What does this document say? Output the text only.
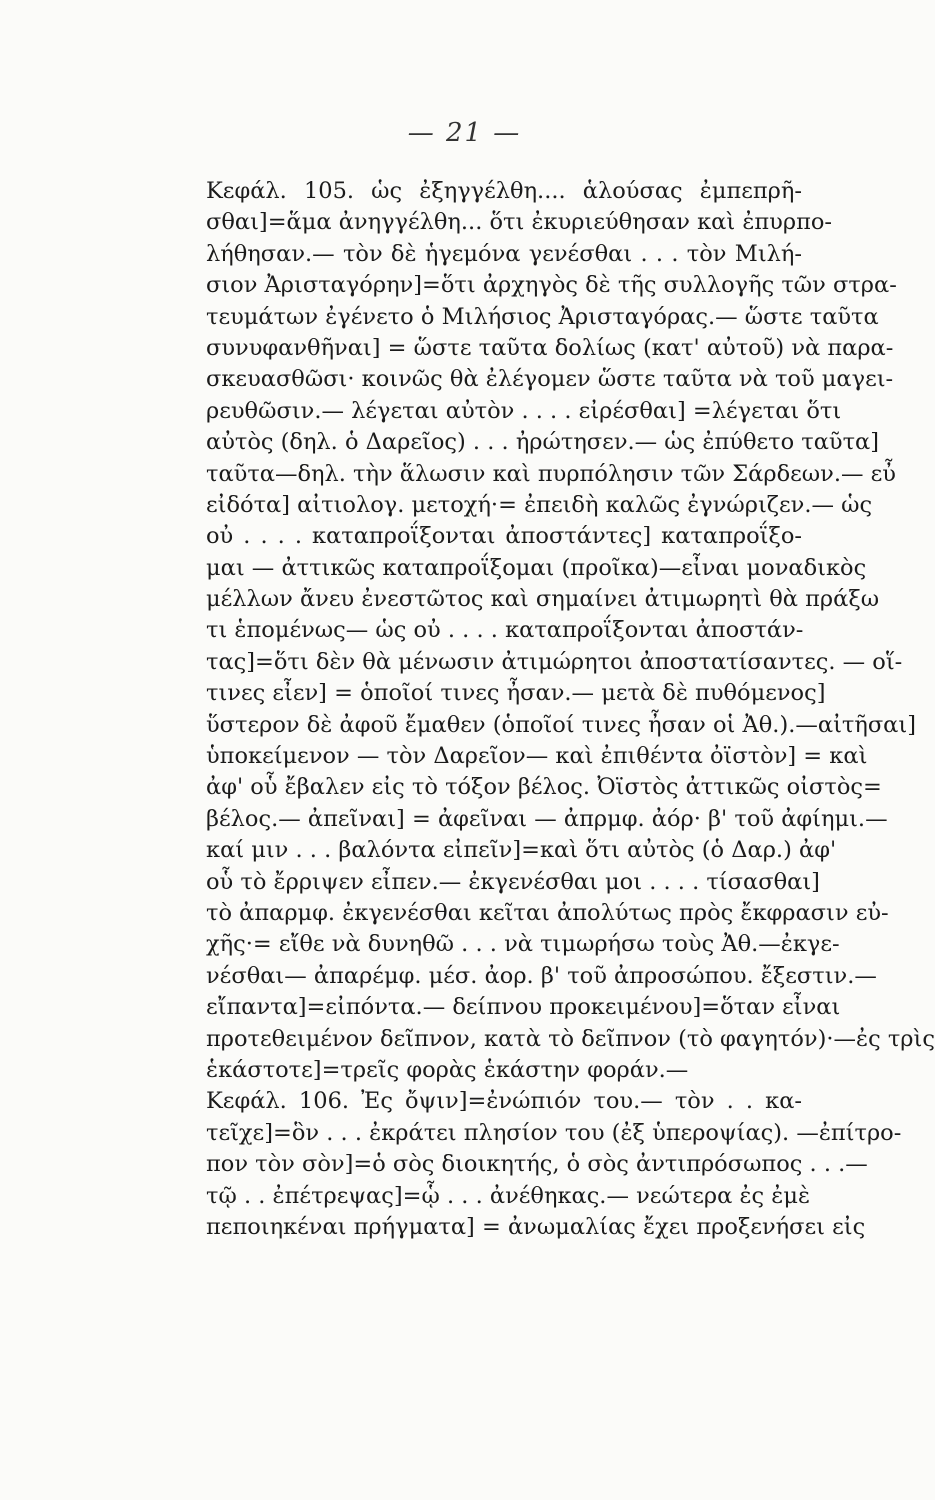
— 21 —
Κεφάλ. 105. ὡς ἐξηγγέλθη.... ἁλούσας ἐμπεπρῆ-
σθαι]=ἅμα ἀνηγγέλθη... ὅτι ἐκυριεύθησαν καὶ ἐπυρπο-
λήθησαν.— τὸν δὲ ἡγεμόνα γενέσθαι . . . τὸν Μιλή-
σιον Ἀρισταγόρην]=ὅτι ἀρχηγὸς δὲ τῆς συλλογῆς τῶν στρα-
τευμάτων ἐγένετο ὁ Μιλήσιος Ἀρισταγόρας.— ὥστε ταῦτα
συνυφανθῆναι] = ὥστε ταῦτα δολίως (κατ' αὐτοῦ) νὰ παρα-
σκευασθῶσι· κοινῶς θὰ ἐλέγομεν ὥστε ταῦτα νὰ τοῦ μαγει-
ρευθῶσιν.— λέγεται αὐτὸν . . . . εἰρέσθαι] =λέγεται ὅτι
αὐτὸς (δηλ. ὁ Δαρεῖος) . . . ἠρώτησεν.— ὡς ἐπύθετο ταῦτα]
ταῦτα—δηλ. τὴν ἅλωσιν καὶ πυρπόλησιν τῶν Σάρδεων.— εὖ
εἰδότα] αἰτιολογ. μετοχή·= ἐπειδὴ καλῶς ἐγνώριζεν.— ὡς
οὐ . . . . καταπροΐξονται ἀποστάντες] καταπροΐξο-
μαι — ἀττικῶς καταπροΐξομαι (προῖκα)—εἶναι μοναδικὸς
μέλλων ἄνευ ἐνεστῶτος καὶ σημαίνει ἀτιμωρητὶ θὰ πράξω
τι ἑπομένως— ὡς οὐ . . . . καταπροΐξονται ἀποστάν-
τας]=ὅτι δὲν θὰ μένωσιν ἀτιμώρητοι ἀποστατίσαντες. — οἵ-
τινες εἶεν] = ὁποῖοί τινες ἦσαν.— μετὰ δὲ πυθόμενος]
ὕστερον δὲ ἀφοῦ ἔμαθεν (ὁποῖοί τινες ἦσαν οἱ Ἀθ.).—αἰτῆσαι]
ὑποκείμενον — τὸν Δαρεῖον— καὶ ἐπιθέντα ὀϊστὸν] = καὶ
ἀφ' οὗ ἔβαλεν εἰς τὸ τόξον βέλος. Ὀϊστὸς ἀττικῶς οἰστὸς=
βέλος.— ἀπεῖναι] = ἀφεῖναι — ἀπρμφ. ἀόρ· β' τοῦ ἀφίημι.—
καί μιν . . . βαλόντα εἰπεῖν]=καὶ ὅτι αὐτὸς (ὁ Δαρ.) ἀφ'
οὗ τὸ ἔρριψεν εἶπεν.— ἐκγενέσθαι μοι . . . . τίσασθαι]
τὸ ἀπαρμφ. ἐκγενέσθαι κεῖται ἀπολύτως πρὸς ἔκφρασιν εὐ-
χῆς·= εἴθε νὰ δυνηθῶ . . . νὰ τιμωρήσω τοὺς Ἀθ.—ἐκγε-
νέσθαι— ἀπαρέμφ. μέσ. ἀορ. β' τοῦ ἀπροσώπου. ἔξεστιν.—
εἴπαντα]=εἰπόντα.— δείπνου προκειμένου]=ὅταν εἶναι
προτεθειμένον δεῖπνον, κατὰ τὸ δεῖπνον (τὸ φαγητόν)·—ἐς τρὶς
ἑκάστοτε]=τρεῖς φορὰς ἑκάστην φοράν.—
Κεφάλ. 106. Ἐς ὄψιν]=ἐνώπιόν του.— τὸν . . κα-
τεῖχε]=ὃν . . . ἐκράτει πλησίον του (ἐξ ὑπεροψίας). —ἐπίτρο-
πον τὸν σὸν]=ὁ σὸς διοικητής, ὁ σὸς ἀντιπρόσωπος . . .—
τῷ . . ἐπέτρεψας]=ᾧ . . . ἀνέθηκας.— νεώτερα ἐς ἐμὲ
πεποιηκέναι πρήγματα] = ἀνωμαλίας ἔχει προξενήσει εἰς
